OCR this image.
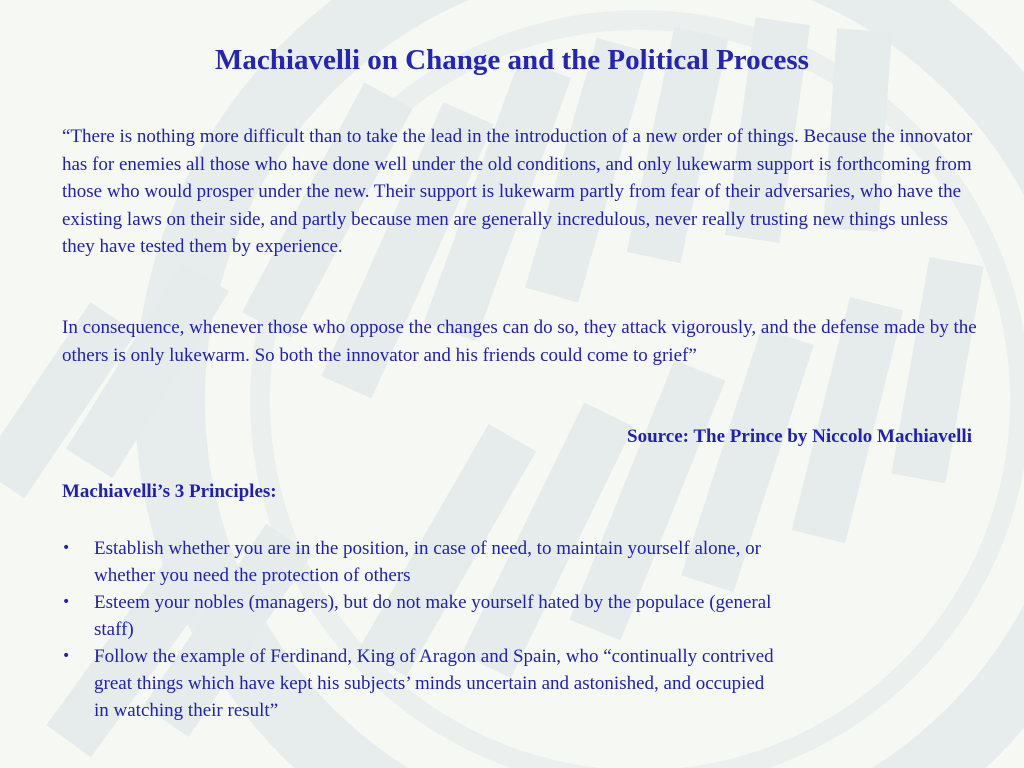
Machiavelli on Change and the Political Process
“There is nothing more difficult than to take the lead in the introduction of a new order of things. Because the innovator has for enemies all those who have done well under the old conditions, and only lukewarm support is forthcoming from those who would prosper under the new. Their support is lukewarm partly from fear of their adversaries, who have the existing laws on their side, and partly because men are generally incredulous, never really trusting new things unless they have tested them by experience.
In consequence, whenever those who oppose the changes can do so, they attack vigorously, and the defense made by the others is only lukewarm. So both the innovator and his friends could come to grief”
Source: The Prince by Niccolo Machiavelli
Machiavelli’s 3 Principles:
• Establish whether you are in the position, in case of need, to maintain yourself alone, or whether you need the protection of others
• Esteem your nobles (managers), but do not make yourself hated by the populace (general staff)
• Follow the example of Ferdinand, King of Aragon and Spain, who “continually contrived great things which have kept his subjects’ minds uncertain and astonished, and occupied in watching their result”
